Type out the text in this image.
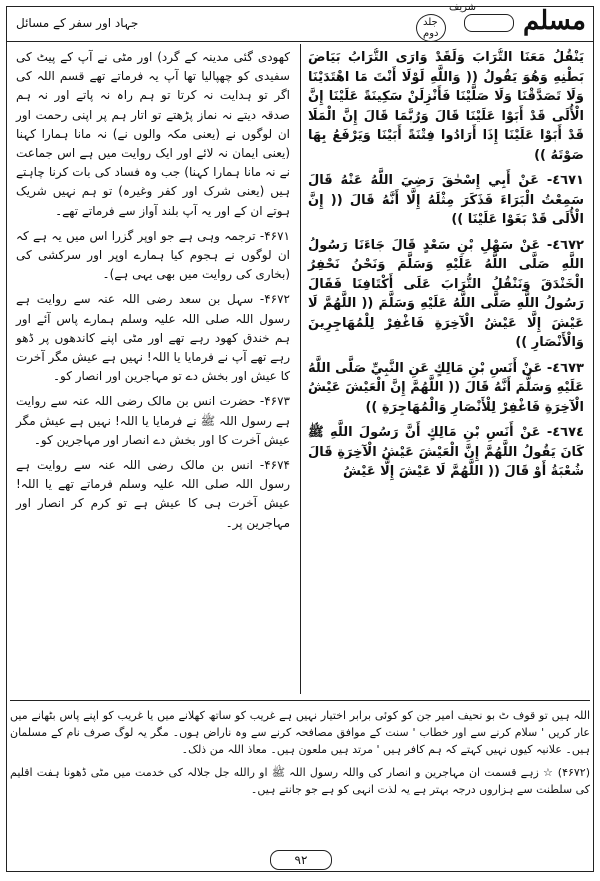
مسلم
شریف
جلد دوم
جہاد اور سفر کے مسائل

يَنْقُلُ مَعَنَا التُّرَابَ وَلَقَدْ وَارَى التُّرَابُ بَيَاضَ بَطْنِهِ وَهُوَ يَقُولُ (( وَاللَّهِ لَوْلَا أَنْتَ مَا اهْتَدَيْنَا وَلَا تَصَدَّقْنَا وَلَا صَلَّيْنَا فَأَنْزِلَنْ سَكِينَةً عَلَيْنَا إِنَّ الْأُلَى قَدْ أَبَوْا عَلَيْنَا قَالَ وَرُبَّمَا قَالَ إِنَّ الْمَلَا قَدْ أَبَوْا عَلَيْنَا إِذَا أَرَادُوا فِتْنَةً أَبَيْنَا وَيَرْفَعُ بِهَا صَوْتَهُ ))

٤٦٧١- عَنْ أَبِي إِسْحٰقَ رَضِيَ اللَّهُ عَنْهُ قَالَ سَمِعْتُ الْبَرَاءَ فَذَكَرَ مِثْلَهُ إِلَّا أَنَّهُ قَالَ (( إِنَّ الْأُلَى قَدْ بَغَوْا عَلَيْنَا ))

٤٦٧٢- عَنْ سَهْلِ بْنِ سَعْدٍ قَالَ جَاءَنَا رَسُولُ اللَّهِ صَلَّى اللَّهُ عَلَيْهِ وَسَلَّمَ وَنَحْنُ نَحْفِرُ الْخَنْدَقَ وَنَنْقُلُ التُّرَابَ عَلَى أَكْتَافِنَا فَقَالَ رَسُولُ اللَّهِ صَلَّى اللَّهُ عَلَيْهِ وَسَلَّمَ (( اللَّهُمَّ لَا عَيْشَ إِلَّا عَيْشُ الْآخِرَةِ فَاغْفِرْ لِلْمُهَاجِرِينَ وَالْأَنْصَارِ ))

٤٦٧٣- عَنْ أَنَسِ بْنِ مَالِكٍ عَنِ النَّبِيِّ صَلَّى اللَّهُ عَلَيْهِ وَسَلَّمَ أَنَّهُ قَالَ (( اللَّهُمَّ إِنَّ الْعَيْشَ عَيْشُ الْآخِرَةِ فَاغْفِرْ لِلْأَنْصَارِ وَالْمُهَاجِرَةِ ))

٤٦٧٤- عَنْ أَنَسِ بْنِ مَالِكٍ أَنَّ رَسُولَ اللَّهِ ﷺ كَانَ يَقُولُ اللَّهُمَّ إِنَّ الْعَيْشَ عَيْشُ الْآخِرَةِ قَالَ شُعْبَةُ أَوْ قَالَ (( اللَّهُمَّ لَا عَيْشَ إِلَّا عَيْشُ

کھودی گئی مدینہ کے گرد) اور مٹی نے آپ کے پیٹ کی سفیدی کو چھپالیا تھا آپ یہ فرماتے تھے قسم اللہ کی اگر تو ہدایت نہ کرتا تو ہم راہ نہ پاتے اور نہ ہم صدقہ دیتے نہ نماز پڑھتے تو اتار ہم پر اپنی رحمت اور ان لوگوں نے (یعنی مکہ والوں نے) نہ مانا ہمارا کہنا (یعنی ایمان نہ لائے اور ایک روایت میں ہے اس جماعت نے نہ مانا ہمارا کہنا) جب وہ فساد کی بات کرنا چاہتے ہیں (یعنی شرک اور کفر وغیرہ) تو ہم نہیں شریک ہوتے ان کے اور یہ آپ بلند آواز سے فرماتے تھے۔

۴۶۷۱- ترجمہ وہی ہے جو اوپر گزرا اس میں یہ ہے کہ ان لوگوں نے ہجوم کیا ہمارے اوپر اور سرکشی کی (بخاری کی روایت میں بھی یہی ہے)۔

۴۶۷۲- سہل بن سعد رضی اللہ عنہ سے روایت ہے رسول اللہ صلی اللہ علیہ وسلم ہمارے پاس آئے اور ہم خندق کھود رہے تھے اور مٹی اپنے کاندھوں پر ڈھو رہے تھے آپ نے فرمایا یا اللہ! نہیں ہے عیش مگر آخرت کا عیش اور بخش دے تو مہاجرین اور انصار کو۔

۴۶۷۳- حضرت انس بن مالک رضی اللہ عنہ سے روایت ہے رسول اللہ ﷺ نے فرمایا یا اللہ! نہیں ہے عیش مگر عیش آخرت کا اور بخش دے انصار اور مہاجرین کو۔

۴۶۷۴- انس بن مالک رضی اللہ عنہ سے روایت ہے رسول اللہ صلی اللہ علیہ وسلم فرماتے تھے یا اللہ! عیش آخرت ہی کا عیش ہے تو کرم کر انصار اور مہاجرین پر۔

اللہ ہیں تو قوف ٹ بو نحیف امیر جن کو کوئی برابر اختیار نہیں ہے غریب کو ساتھ کھلانے میں یا غریب کو اپنے پاس بٹھانے میں عار کریں ' سلام کرنے سے اور خطاب ' سنت کے موافق مصافحہ کرنے سے وہ ناراض ہوں۔ مگر یہ لوگ صرف نام کے مسلمان ہیں۔ علانیہ کیوں نہیں کہتے کہ ہم کافر ہیں ' مرتد ہیں ملعون ہیں۔ معاذ اللہ من ذلک۔

(۴۶۷۲) ☆ زہے قسمت ان مہاجرین و انصار کی واللہ رسول اللہ ﷺ او رالله جل جلالہ کی خدمت میں مٹی ڈھونا ہفت اقلیم کی سلطنت سے ہزاروں درجہ بہتر ہے یہ لذت انہی کو ہے جو جانتے ہیں۔

۹۲
